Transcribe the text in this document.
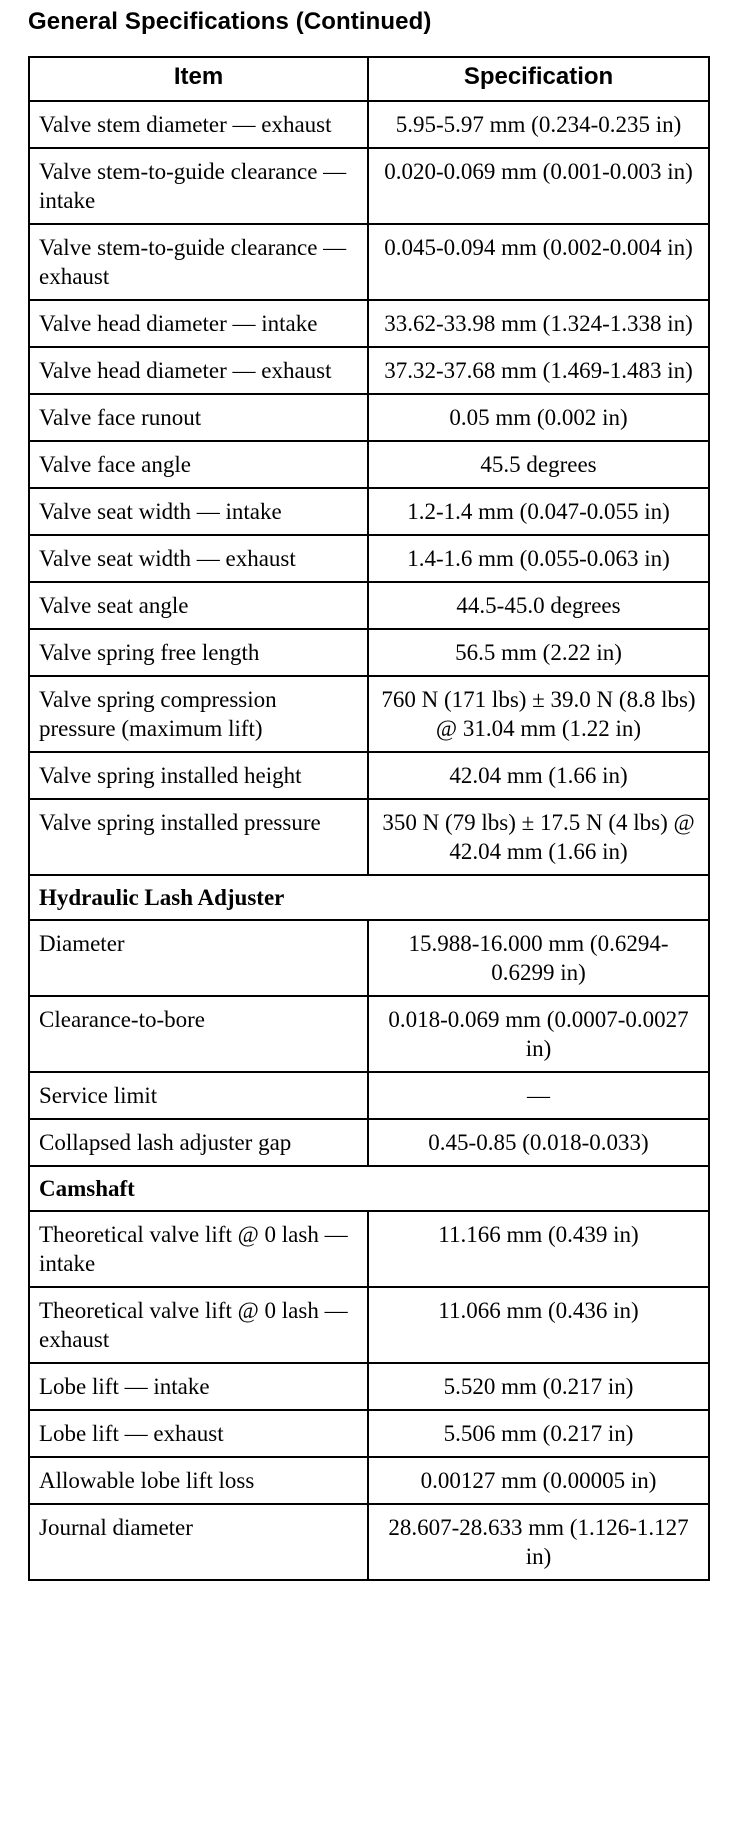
General Specifications (Continued)
Item	Specification
Valve stem diameter — exhaust	5.95-5.97 mm (0.234-0.235 in)
Valve stem-to-guide clearance — intake	0.020-0.069 mm (0.001-0.003 in)
Valve stem-to-guide clearance — exhaust	0.045-0.094 mm (0.002-0.004 in)
Valve head diameter — intake	33.62-33.98 mm (1.324-1.338 in)
Valve head diameter — exhaust	37.32-37.68 mm (1.469-1.483 in)
Valve face runout	0.05 mm (0.002 in)
Valve face angle	45.5 degrees
Valve seat width — intake	1.2-1.4 mm (0.047-0.055 in)
Valve seat width — exhaust	1.4-1.6 mm (0.055-0.063 in)
Valve seat angle	44.5-45.0 degrees
Valve spring free length	56.5 mm (2.22 in)
Valve spring compression pressure (maximum lift)	760 N (171 lbs) ± 39.0 N (8.8 lbs) @ 31.04 mm (1.22 in)
Valve spring installed height	42.04 mm (1.66 in)
Valve spring installed pressure	350 N (79 lbs) ± 17.5 N (4 lbs) @ 42.04 mm (1.66 in)
Hydraulic Lash Adjuster	
Diameter	15.988-16.000 mm (0.6294-0.6299 in)
Clearance-to-bore	0.018-0.069 mm (0.0007-0.0027 in)
Service limit	—
Collapsed lash adjuster gap	0.45-0.85 (0.018-0.033)
Camshaft	
Theoretical valve lift @ 0 lash — intake	11.166 mm (0.439 in)
Theoretical valve lift @ 0 lash — exhaust	11.066 mm (0.436 in)
Lobe lift — intake	5.520 mm (0.217 in)
Lobe lift — exhaust	5.506 mm (0.217 in)
Allowable lobe lift loss	0.00127 mm (0.00005 in)
Journal diameter	28.607-28.633 mm (1.126-1.127 in)
